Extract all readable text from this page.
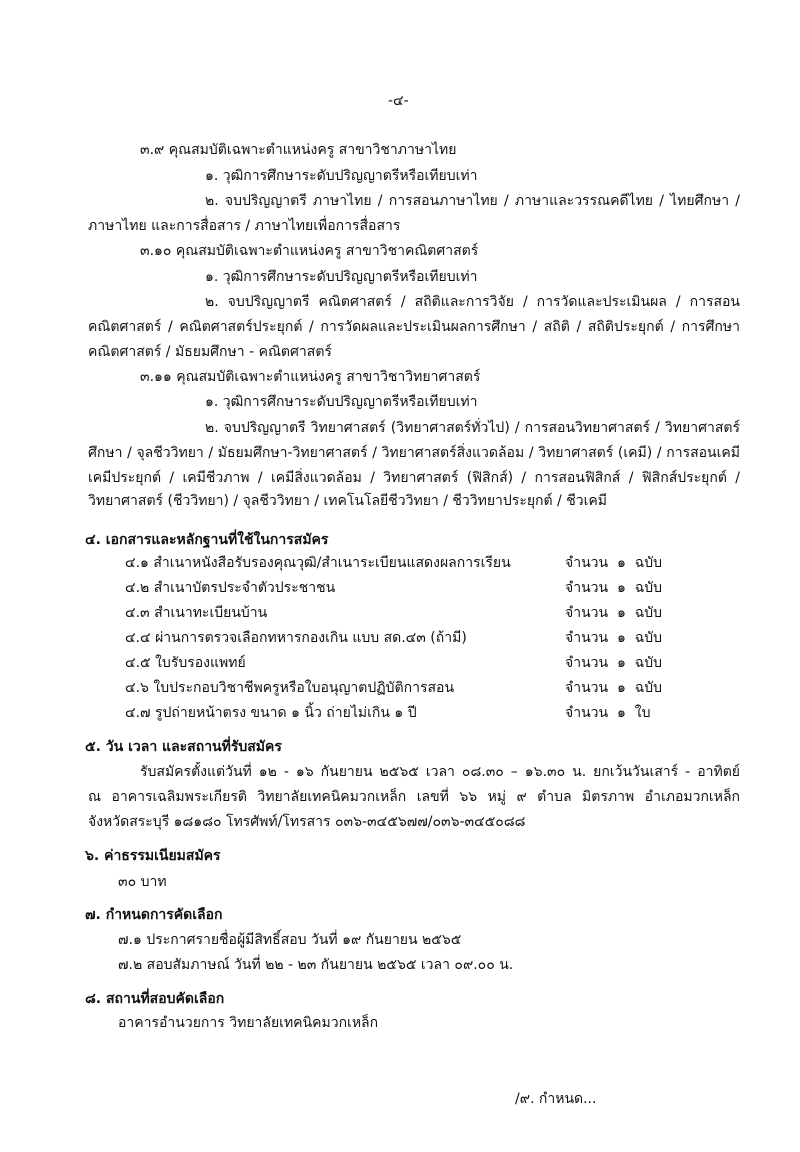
-๔-
๓.๙ คุณสมบัติเฉพาะตำแหน่งครู สาขาวิชาภาษาไทย
๑. วุฒิการศึกษาระดับปริญญาตรีหรือเทียบเท่า
๒. จบปริญญาตรี ภาษาไทย / การสอนภาษาไทย / ภาษาและวรรณคดีไทย / ไทยศึกษา /
ภาษาไทย และการสื่อสาร / ภาษาไทยเพื่อการสื่อสาร
๓.๑๐ คุณสมบัติเฉพาะตำแหน่งครู สาขาวิชาคณิตศาสตร์
๑. วุฒิการศึกษาระดับปริญญาตรีหรือเทียบเท่า
๒. จบปริญญาตรี คณิตศาสตร์ / สถิติและการวิจัย / การวัดและประเมินผล / การสอน
คณิตศาสตร์ / คณิตศาสตร์ประยุกต์ / การวัดผลและประเมินผลการศึกษา / สถิติ / สถิติประยุกต์ / การศึกษา
คณิตศาสตร์ / มัธยมศึกษา - คณิตศาสตร์
๓.๑๑ คุณสมบัติเฉพาะตำแหน่งครู สาขาวิชาวิทยาศาสตร์
๑. วุฒิการศึกษาระดับปริญญาตรีหรือเทียบเท่า
๒. จบปริญญาตรี วิทยาศาสตร์ (วิทยาศาสตร์ทั่วไป) / การสอนวิทยาศาสตร์ / วิทยาศาสตร์
ศึกษา / จุลชีววิทยา / มัธยมศึกษา-วิทยาศาสตร์ / วิทยาศาสตร์สิ่งแวดล้อม / วิทยาศาสตร์ (เคมี) / การสอนเคมี
เคมีประยุกต์ / เคมีชีวภาพ / เคมีสิ่งแวดล้อม / วิทยาศาสตร์ (ฟิสิกส์) / การสอนฟิสิกส์ / ฟิสิกส์ประยุกต์ /
วิทยาศาสตร์ (ชีววิทยา) / จุลชีววิทยา / เทคโนโลยีชีววิทยา / ชีววิทยาประยุกต์ / ชีวเคมี
๔. เอกสารและหลักฐานที่ใช้ในการสมัคร
๔.๑ สำเนาหนังสือรับรองคุณวุฒิ/สำเนาระเบียนแสดงผลการเรียน	จำนวน  ๑  ฉบับ
๔.๒ สำเนาบัตรประจำตัวประชาชน	จำนวน  ๑  ฉบับ
๔.๓ สำเนาทะเบียนบ้าน	จำนวน  ๑  ฉบับ
๔.๔ ผ่านการตรวจเลือกทหารกองเกิน แบบ สด.๔๓ (ถ้ามี)	จำนวน  ๑  ฉบับ
๔.๕ ใบรับรองแพทย์	จำนวน  ๑  ฉบับ
๔.๖ ใบประกอบวิชาชีพครูหรือใบอนุญาตปฏิบัติการสอน	จำนวน  ๑  ฉบับ
๔.๗ รูปถ่ายหน้าตรง ขนาด ๑ นิ้ว ถ่ายไม่เกิน ๑ ปี	จำนวน  ๑  ใบ
๕. วัน เวลา และสถานที่รับสมัคร
รับสมัครตั้งแต่วันที่ ๑๒ - ๑๖ กันยายน ๒๕๖๕ เวลา ๐๘.๓๐ – ๑๖.๓๐ น. ยกเว้นวันเสาร์ - อาทิตย์
ณ อาคารเฉลิมพระเกียรติ วิทยาลัยเทคนิคมวกเหล็ก เลขที่ ๖๖ หมู่ ๙ ตำบล มิตรภาพ อำเภอมวกเหล็ก
จังหวัดสระบุรี ๑๘๑๘๐ โทรศัพท์/โทรสาร ๐๓๖-๓๔๕๖๗๗/๐๓๖-๓๔๕๐๘๘
๖. ค่าธรรมเนียมสมัคร
๓๐ บาท
๗. กำหนดการคัดเลือก
๗.๑ ประกาศรายชื่อผู้มีสิทธิ์สอบ วันที่ ๑๙ กันยายน ๒๕๖๕
๗.๒ สอบสัมภาษณ์ วันที่ ๒๒ - ๒๓ กันยายน ๒๕๖๕ เวลา ๐๙.๐๐ น.
๘. สถานที่สอบคัดเลือก
อาคารอำนวยการ วิทยาลัยเทคนิคมวกเหล็ก
/๙. กำหนด...
